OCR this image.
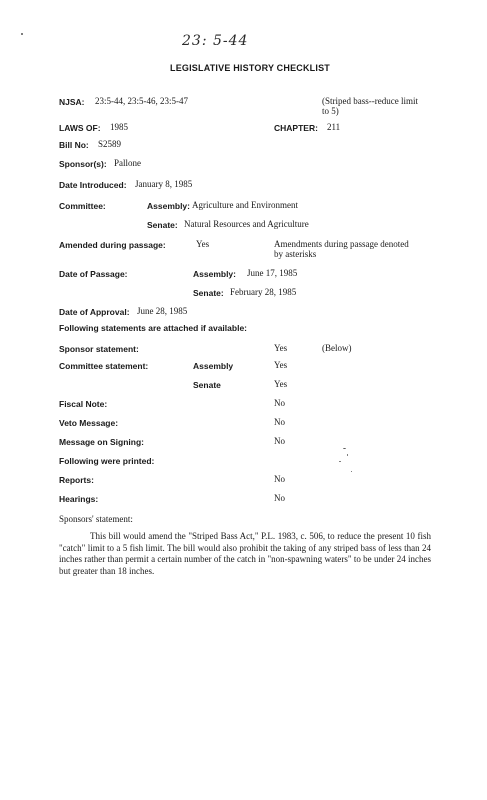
23: 5-44
LEGISLATIVE HISTORY CHECKLIST
NJSA: 23:5-44, 23:5-46, 23:5-47	(Striped bass--reduce limit
to 5)
LAWS OF: 1985	CHAPTER: 211
Bill No: S2589
Sponsor(s): Pallone
Date Introduced: January 8, 1985
Committee:	Assembly: Agriculture and Environment
Senate: Natural Resources and Agriculture
Amended during passage:	Yes	Amendments during passage denoted
by asterisks
Date of Passage:	Assembly: June 17, 1985
Senate: February 28, 1985
Date of Approval: June 28, 1985
Following statements are attached if available:
Sponsor statement:	Yes	(Below)
Committee statement:	Assembly	Yes
Senate	Yes
Fiscal Note:	No
Veto Message:	No
Message on Signing:	No
Following were printed:
Reports:	No
Hearings:	No
Sponsors' statement:
This bill would amend the "Striped Bass Act," P.L. 1983, c. 506, to reduce the present 10 fish "catch" limit to a 5 fish limit. The bill would also prohibit the taking of any striped bass of less than 24 inches rather than permit a certain number of the catch in "non-spawning waters" to be under 24 inches but greater than 18 inches.
